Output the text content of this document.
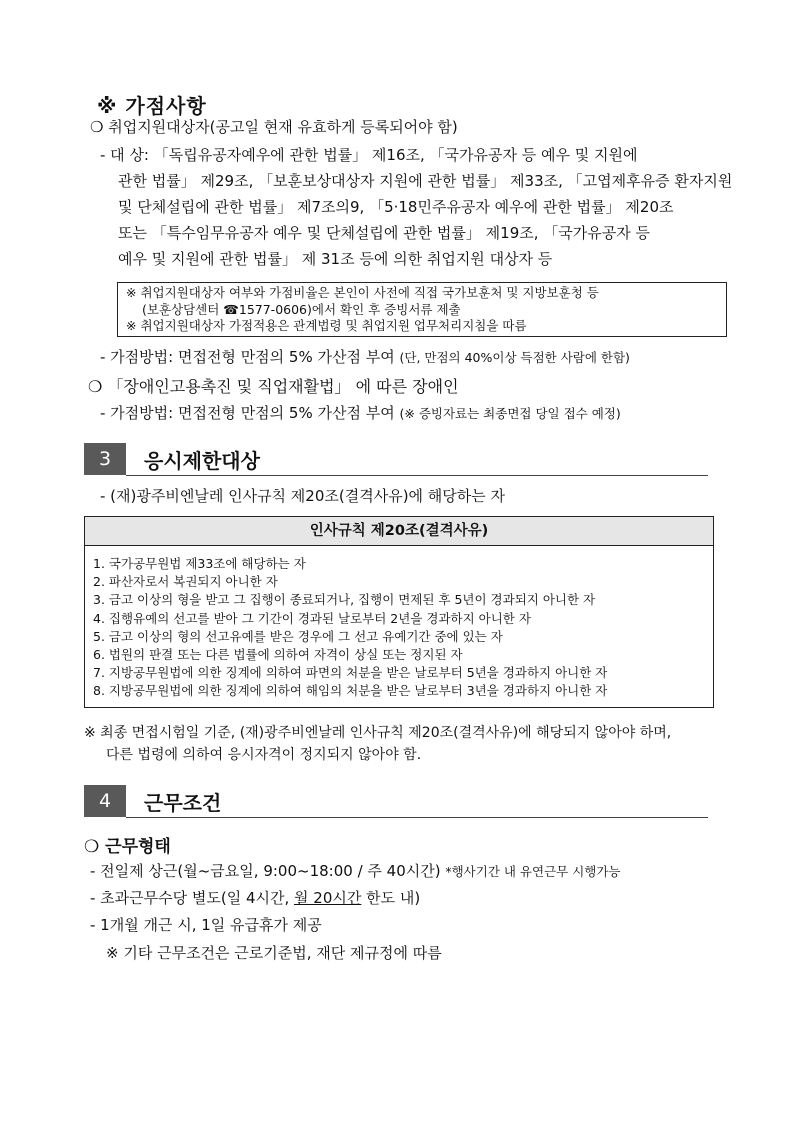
※ 가점사항
❍ 취업지원대상자(공고일 현재 유효하게 등록되어야 함)
- 대 상: 「독립유공자예우에 관한 법률」 제16조, 「국가유공자 등 예우 및 지원에
관한 법률」 제29조, 「보훈보상대상자 지원에 관한 법률」 제33조, 「고엽제후유증 환자지원
및 단체설립에 관한 법률」 제7조의9, 「5·18민주유공자 예우에 관한 법률」 제20조
또는 「특수임무유공자 예우 및 단체설립에 관한 법률」 제19조, 「국가유공자 등
예우 및 지원에 관한 법률」 제 31조 등에 의한 취업지원 대상자 등
※ 취업지원대상자 여부와 가점비율은 본인이 사전에 직접 국가보훈처 및 지방보훈청 등
(보훈상담센터 ☎1577-0606)에서 확인 후 증빙서류 제출
※ 취업지원대상자 가점적용은 관계법령 및 취업지원 업무처리지침을 따름
- 가점방법: 면접전형 만점의 5% 가산점 부여 (단, 만점의 40%이상 득점한 사람에 한함)
❍ 「장애인고용촉진 및 직업재활법」 에 따른 장애인
- 가점방법: 면접전형 만점의 5% 가산점 부여 (※ 증빙자료는 최종면접 당일 접수 예정)
3	응시제한대상
- (재)광주비엔날레 인사규칙 제20조(결격사유)에 해당하는 자
인사규칙 제20조(결격사유)
1. 국가공무원법 제33조에 해당하는 자
2. 파산자로서 복권되지 아니한 자
3. 금고 이상의 형을 받고 그 집행이 종료되거나, 집행이 면제된 후 5년이 경과되지 아니한 자
4. 집행유예의 선고를 받아 그 기간이 경과된 날로부터 2년을 경과하지 아니한 자
5. 금고 이상의 형의 선고유예를 받은 경우에 그 선고 유예기간 중에 있는 자
6. 법원의 판결 또는 다른 법률에 의하여 자격이 상실 또는 정지된 자
7. 지방공무원법에 의한 징계에 의하여 파면의 처분을 받은 날로부터 5년을 경과하지 아니한 자
8. 지방공무원법에 의한 징계에 의하여 해임의 처분을 받은 날로부터 3년을 경과하지 아니한 자
※ 최종 면접시험일 기준, (재)광주비엔날레 인사규칙 제20조(결격사유)에 해당되지 않아야 하며,
다른 법령에 의하여 응시자격이 정지되지 않아야 함.
4	근무조건
❍ 근무형태
- 전일제 상근(월~금요일, 9:00~18:00 / 주 40시간) *행사기간 내 유연근무 시행가능
- 초과근무수당 별도(일 4시간, 월 20시간 한도 내)
- 1개월 개근 시, 1일 유급휴가 제공
※ 기타 근무조건은 근로기준법, 재단 제규정에 따름
